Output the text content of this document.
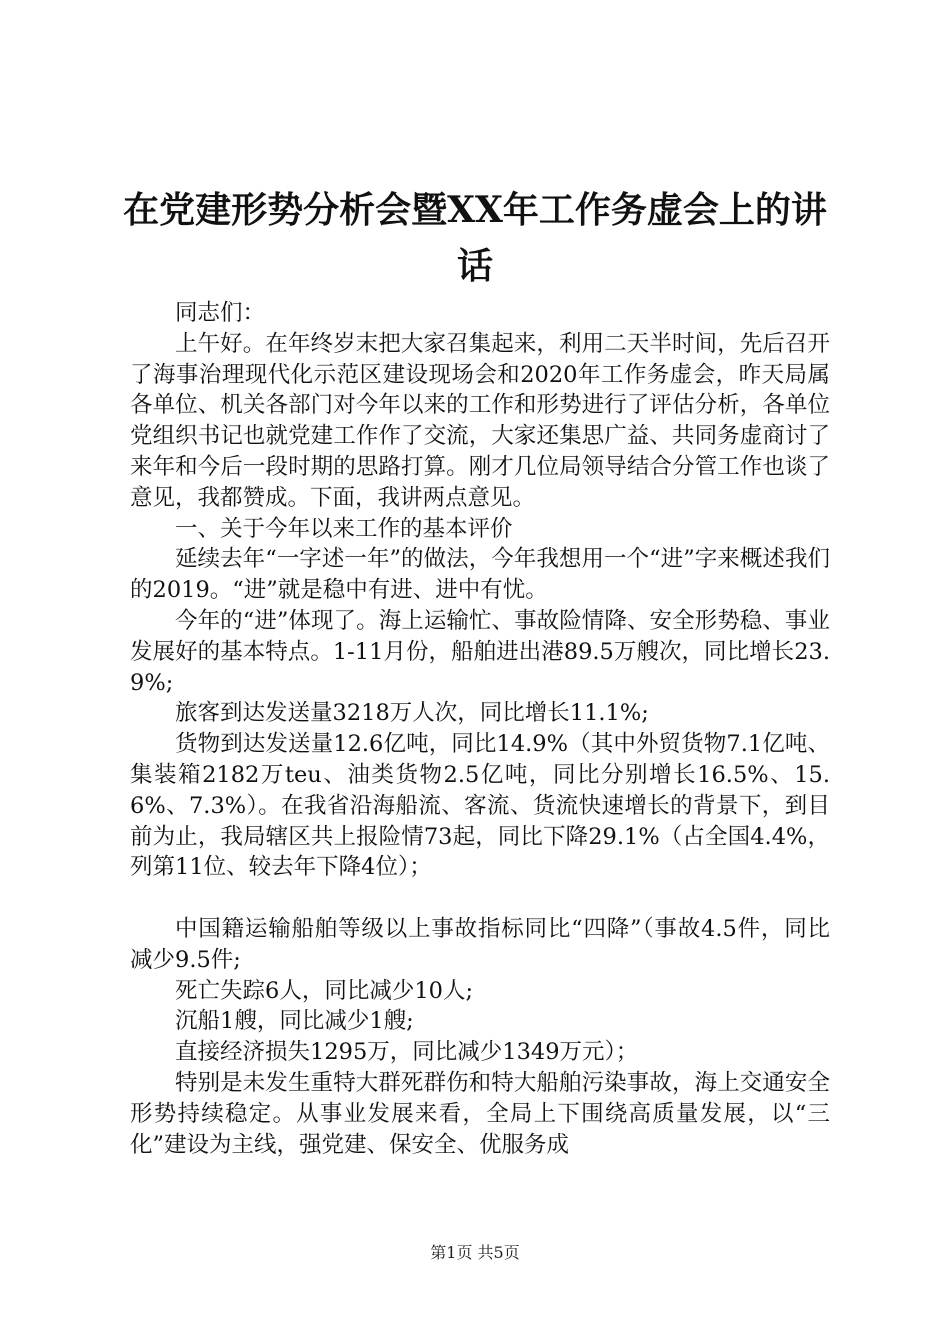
在党建形势分析会暨XX年工作务虚会上的讲
话

同志们：

上午好。在年终岁末把大家召集起来，利用二天半时间，先后召开了海事治理现代化示范区建设现场会和2020年工作务虚会，昨天局属各单位、机关各部门对今年以来的工作和形势进行了评估分析，各单位党组织书记也就党建工作作了交流，大家还集思广益、共同务虚商讨了来年和今后一段时期的思路打算。刚才几位局领导结合分管工作也谈了意见，我都赞成。下面，我讲两点意见。

一、关于今年以来工作的基本评价

延续去年“一字述一年”的做法，今年我想用一个“进”字来概述我们的2019。“进”就是稳中有进、进中有忧。

今年的“进”体现了。海上运输忙、事故险情降、安全形势稳、事业发展好的基本特点。1-11月份，船舶进出港89.5万艘次，同比增长23.9%;

旅客到达发送量3218万人次，同比增长11.1%;

货物到达发送量12.6亿吨，同比14.9%（其中外贸货物7.1亿吨、集装箱2182万teu、油类货物2.5亿吨，同比分别增长16.5%、15.6%、7.3%）。在我省沿海船流、客流、货流快速增长的背景下，到目前为止，我局辖区共上报险情73起，同比下降29.1%（占全国4.4%，列第11位、较去年下降4位）；

中国籍运输船舶等级以上事故指标同比“四降”（事故4.5件，同比减少9.5件;

死亡失踪6人，同比减少10人;

沉船1艘，同比减少1艘;

直接经济损失1295万，同比减少1349万元）；

特别是未发生重特大群死群伤和特大船舶污染事故，海上交通安全形势持续稳定。从事业发展来看，全局上下围绕高质量发展，以“三化”建设为主线，强党建、保安全、优服务成

第1页 共5页
